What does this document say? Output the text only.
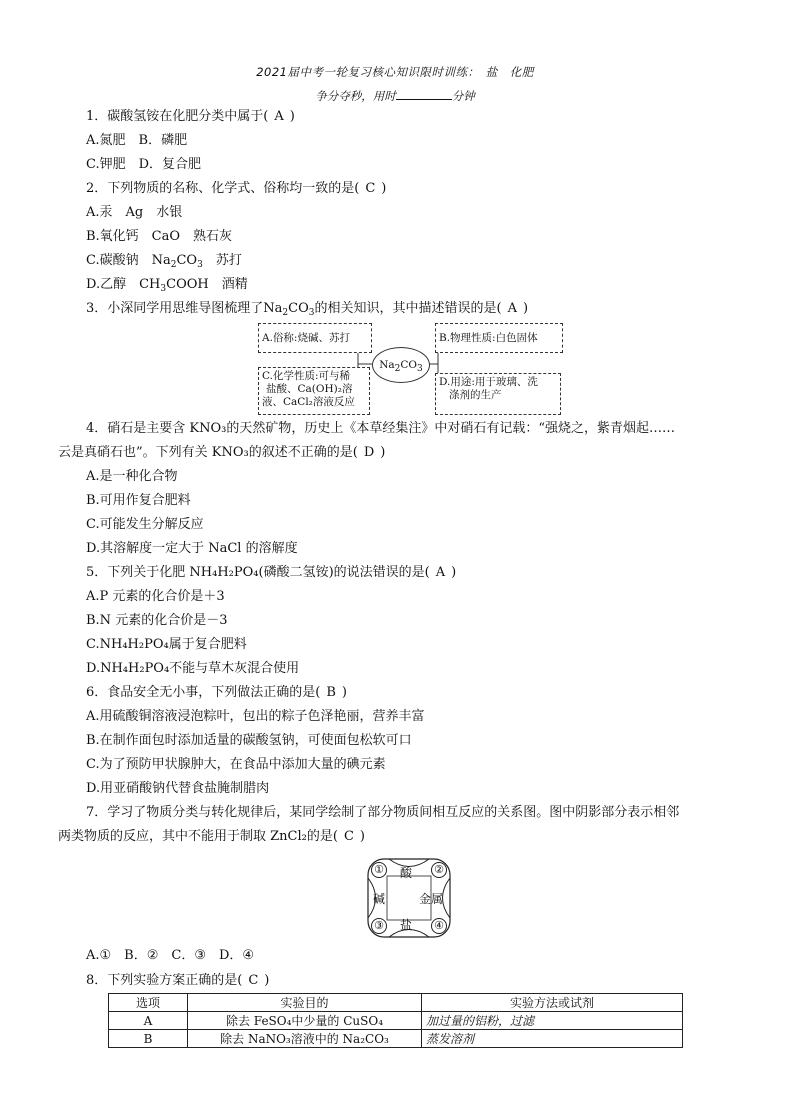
2021届中考一轮复习核心知识限时训练：　盐　化肥
争分夺秒，用时	分钟
1．碳酸氢铵在化肥分类中属于( A )
A.氮肥　B．磷肥
C.钾肥　D．复合肥
2．下列物质的名称、化学式、俗称均一致的是( C )
A.汞　Ag　水银
B.氧化钙　CaO　熟石灰
C.碳酸钠　$Na_2CO_3$　苏打
D.乙醇　$CH_3COOH$　酒精
3．小深同学用思维导图梳理了$Na_2CO_3$的相关知识，其中描述错误的是( A )
A.俗称:烧碱、苏打	B.物理性质:白色固体
C.化学性质:可与稀
盐酸、Ca(OH)₂溶
液、CaCl₂溶液反应
D.用途:用于玻璃、洗
涤剂的生产
$Na_2CO_3$
4．硝石是主要含 KNO₃的天然矿物，历史上《本草经集注》中对硝石有记载：“强烧之，紫青烟起……
云是真硝石也”。下列有关 KNO₃的叙述不正确的是( D )
A.是一种化合物
B.可用作复合肥料
C.可能发生分解反应
D.其溶解度一定大于 NaCl 的溶解度
5．下列关于化肥 NH₄H₂PO₄(磷酸二氢铵)的说法错误的是( A )
A.P 元素的化合价是＋3
B.N 元素的化合价是－3
C.NH₄H₂PO₄属于复合肥料
D.NH₄H₂PO₄不能与草木灰混合使用
6．食品安全无小事，下列做法正确的是( B )
A.用硫酸铜溶液浸泡粽叶，包出的粽子色泽艳丽，营养丰富
B.在制作面包时添加适量的碳酸氢钠，可使面包松软可口
C.为了预防甲状腺肿大，在食品中添加大量的碘元素
D.用亚硝酸钠代替食盐腌制腊肉
7．学习了物质分类与转化规律后，某同学绘制了部分物质间相互反应的关系图。图中阴影部分表示相邻
两类物质的反应，其中不能用于制取 ZnCl₂的是( C )
酸
碱	金属
盐
①	②
③	④
A.①　B．②　C．③　D．④
8．下列实验方案正确的是( C )
选项	实验目的	实验方法或试剂
A	除去 FeSO₄中少量的 CuSO₄	加过量的铝粉，过滤
B	除去 NaNO₃溶液中的 Na₂CO₃	蒸发溶剂
